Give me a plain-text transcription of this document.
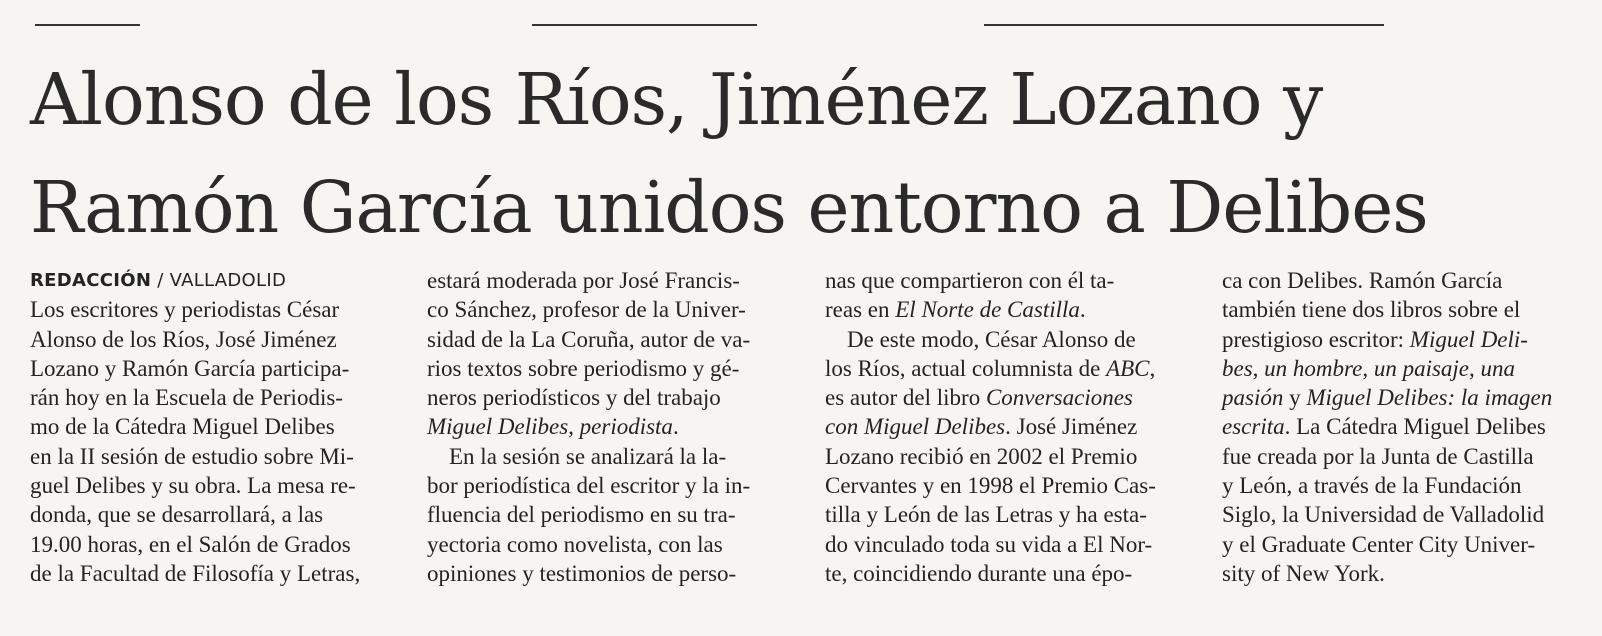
Alonso de los Ríos, Jiménez Lozano y
Ramón García unidos entorno a Delibes
REDACCIÓN / VALLADOLID
Los escritores y periodistas César
Alonso de los Ríos, José Jiménez
Lozano y Ramón García participa-
rán hoy en la Escuela de Periodis-
mo de la Cátedra Miguel Delibes
en la II sesión de estudio sobre Mi-
guel Delibes y su obra. La mesa re-
donda, que se desarrollará, a las
19.00 horas, en el Salón de Grados
de la Facultad de Filosofía y Letras,
estará moderada por José Francis-
co Sánchez, profesor de la Univer-
sidad de la La Coruña, autor de va-
rios textos sobre periodismo y gé-
neros periodísticos y del trabajo
Miguel Delibes, periodista.
En la sesión se analizará la la-
bor periodística del escritor y la in-
fluencia del periodismo en su tra-
yectoria como novelista, con las
opiniones y testimonios de perso-
nas que compartieron con él ta-
reas en El Norte de Castilla.
De este modo, César Alonso de
los Ríos, actual columnista de ABC,
es autor del libro Conversaciones
con Miguel Delibes. José Jiménez
Lozano recibió en 2002 el Premio
Cervantes y en 1998 el Premio Cas-
tilla y León de las Letras y ha esta-
do vinculado toda su vida a El Nor-
te, coincidiendo durante una épo-
ca con Delibes. Ramón García
también tiene dos libros sobre el
prestigioso escritor: Miguel Deli-
bes, un hombre, un paisaje, una
pasión y Miguel Delibes: la imagen
escrita. La Cátedra Miguel Delibes
fue creada por la Junta de Castilla
y León, a través de la Fundación
Siglo, la Universidad de Valladolid
y el Graduate Center City Univer-
sity of New York.
